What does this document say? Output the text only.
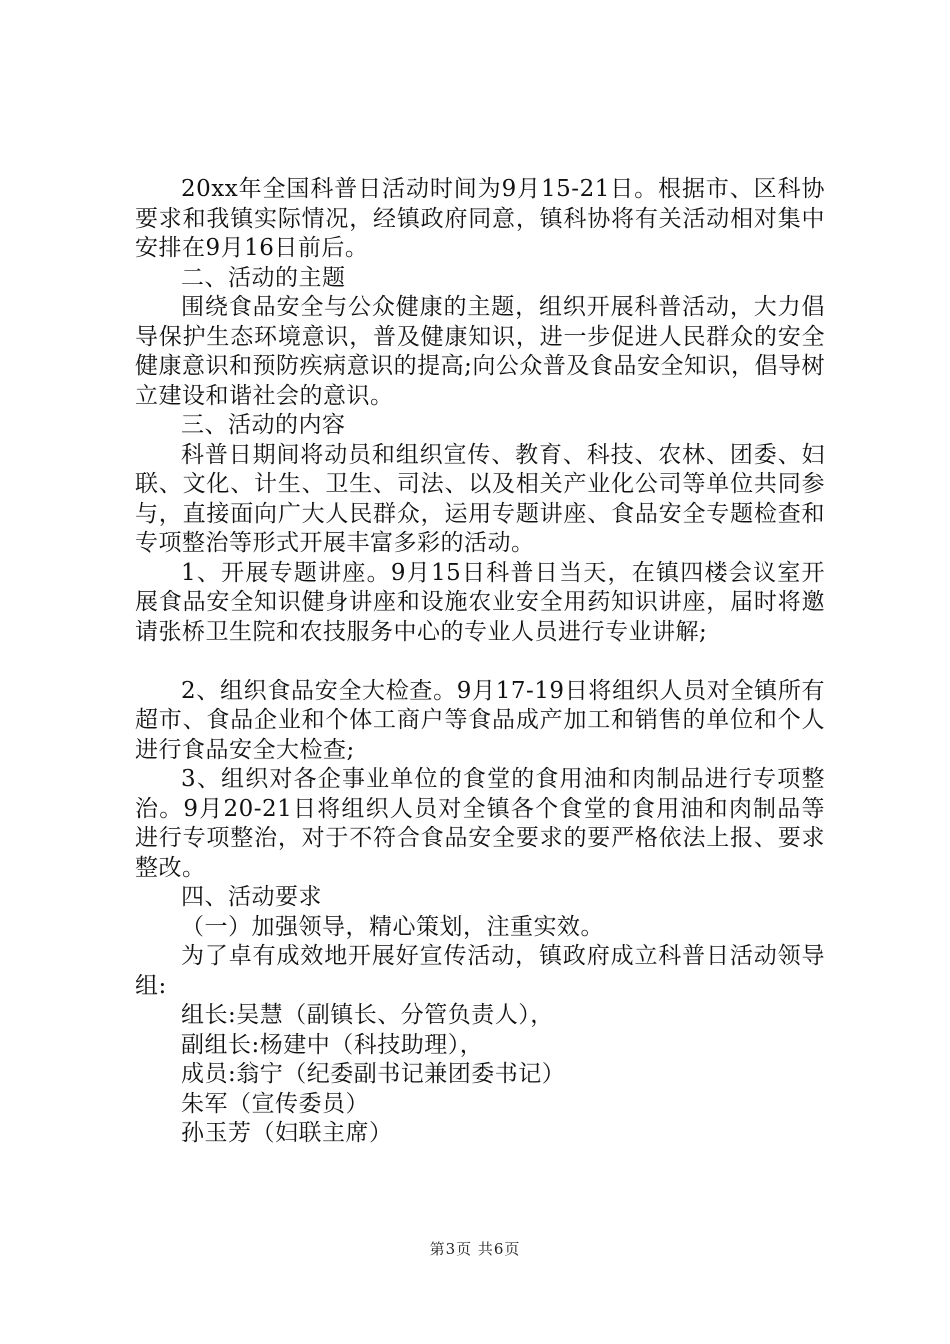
20xx年全国科普日活动时间为9月15-21日。根据市、区科协要求和我镇实际情况，经镇政府同意，镇科协将有关活动相对集中安排在9月16日前后。

二、活动的主题

围绕食品安全与公众健康的主题，组织开展科普活动，大力倡导保护生态环境意识，普及健康知识，进一步促进人民群众的安全健康意识和预防疾病意识的提高;向公众普及食品安全知识，倡导树立建设和谐社会的意识。

三、活动的内容

科普日期间将动员和组织宣传、教育、科技、农林、团委、妇联、文化、计生、卫生、司法、以及相关产业化公司等单位共同参与，直接面向广大人民群众，运用专题讲座、食品安全专题检查和专项整治等形式开展丰富多彩的活动。

1、开展专题讲座。9月15日科普日当天，在镇四楼会议室开展食品安全知识健身讲座和设施农业安全用药知识讲座，届时将邀请张桥卫生院和农技服务中心的专业人员进行专业讲解;

2、组织食品安全大检查。9月17-19日将组织人员对全镇所有超市、食品企业和个体工商户等食品成产加工和销售的单位和个人进行食品安全大检查;

3、组织对各企事业单位的食堂的食用油和肉制品进行专项整治。9月20-21日将组织人员对全镇各个食堂的食用油和肉制品等进行专项整治，对于不符合食品安全要求的要严格依法上报、要求整改。

四、活动要求

（一）加强领导，精心策划，注重实效。

为了卓有成效地开展好宣传活动，镇政府成立科普日活动领导组:

组长:吴慧（副镇长、分管负责人），

副组长:杨建中（科技助理），

成员:翁宁（纪委副书记兼团委书记）

朱军（宣传委员）

孙玉芳（妇联主席）

第3页 共6页
